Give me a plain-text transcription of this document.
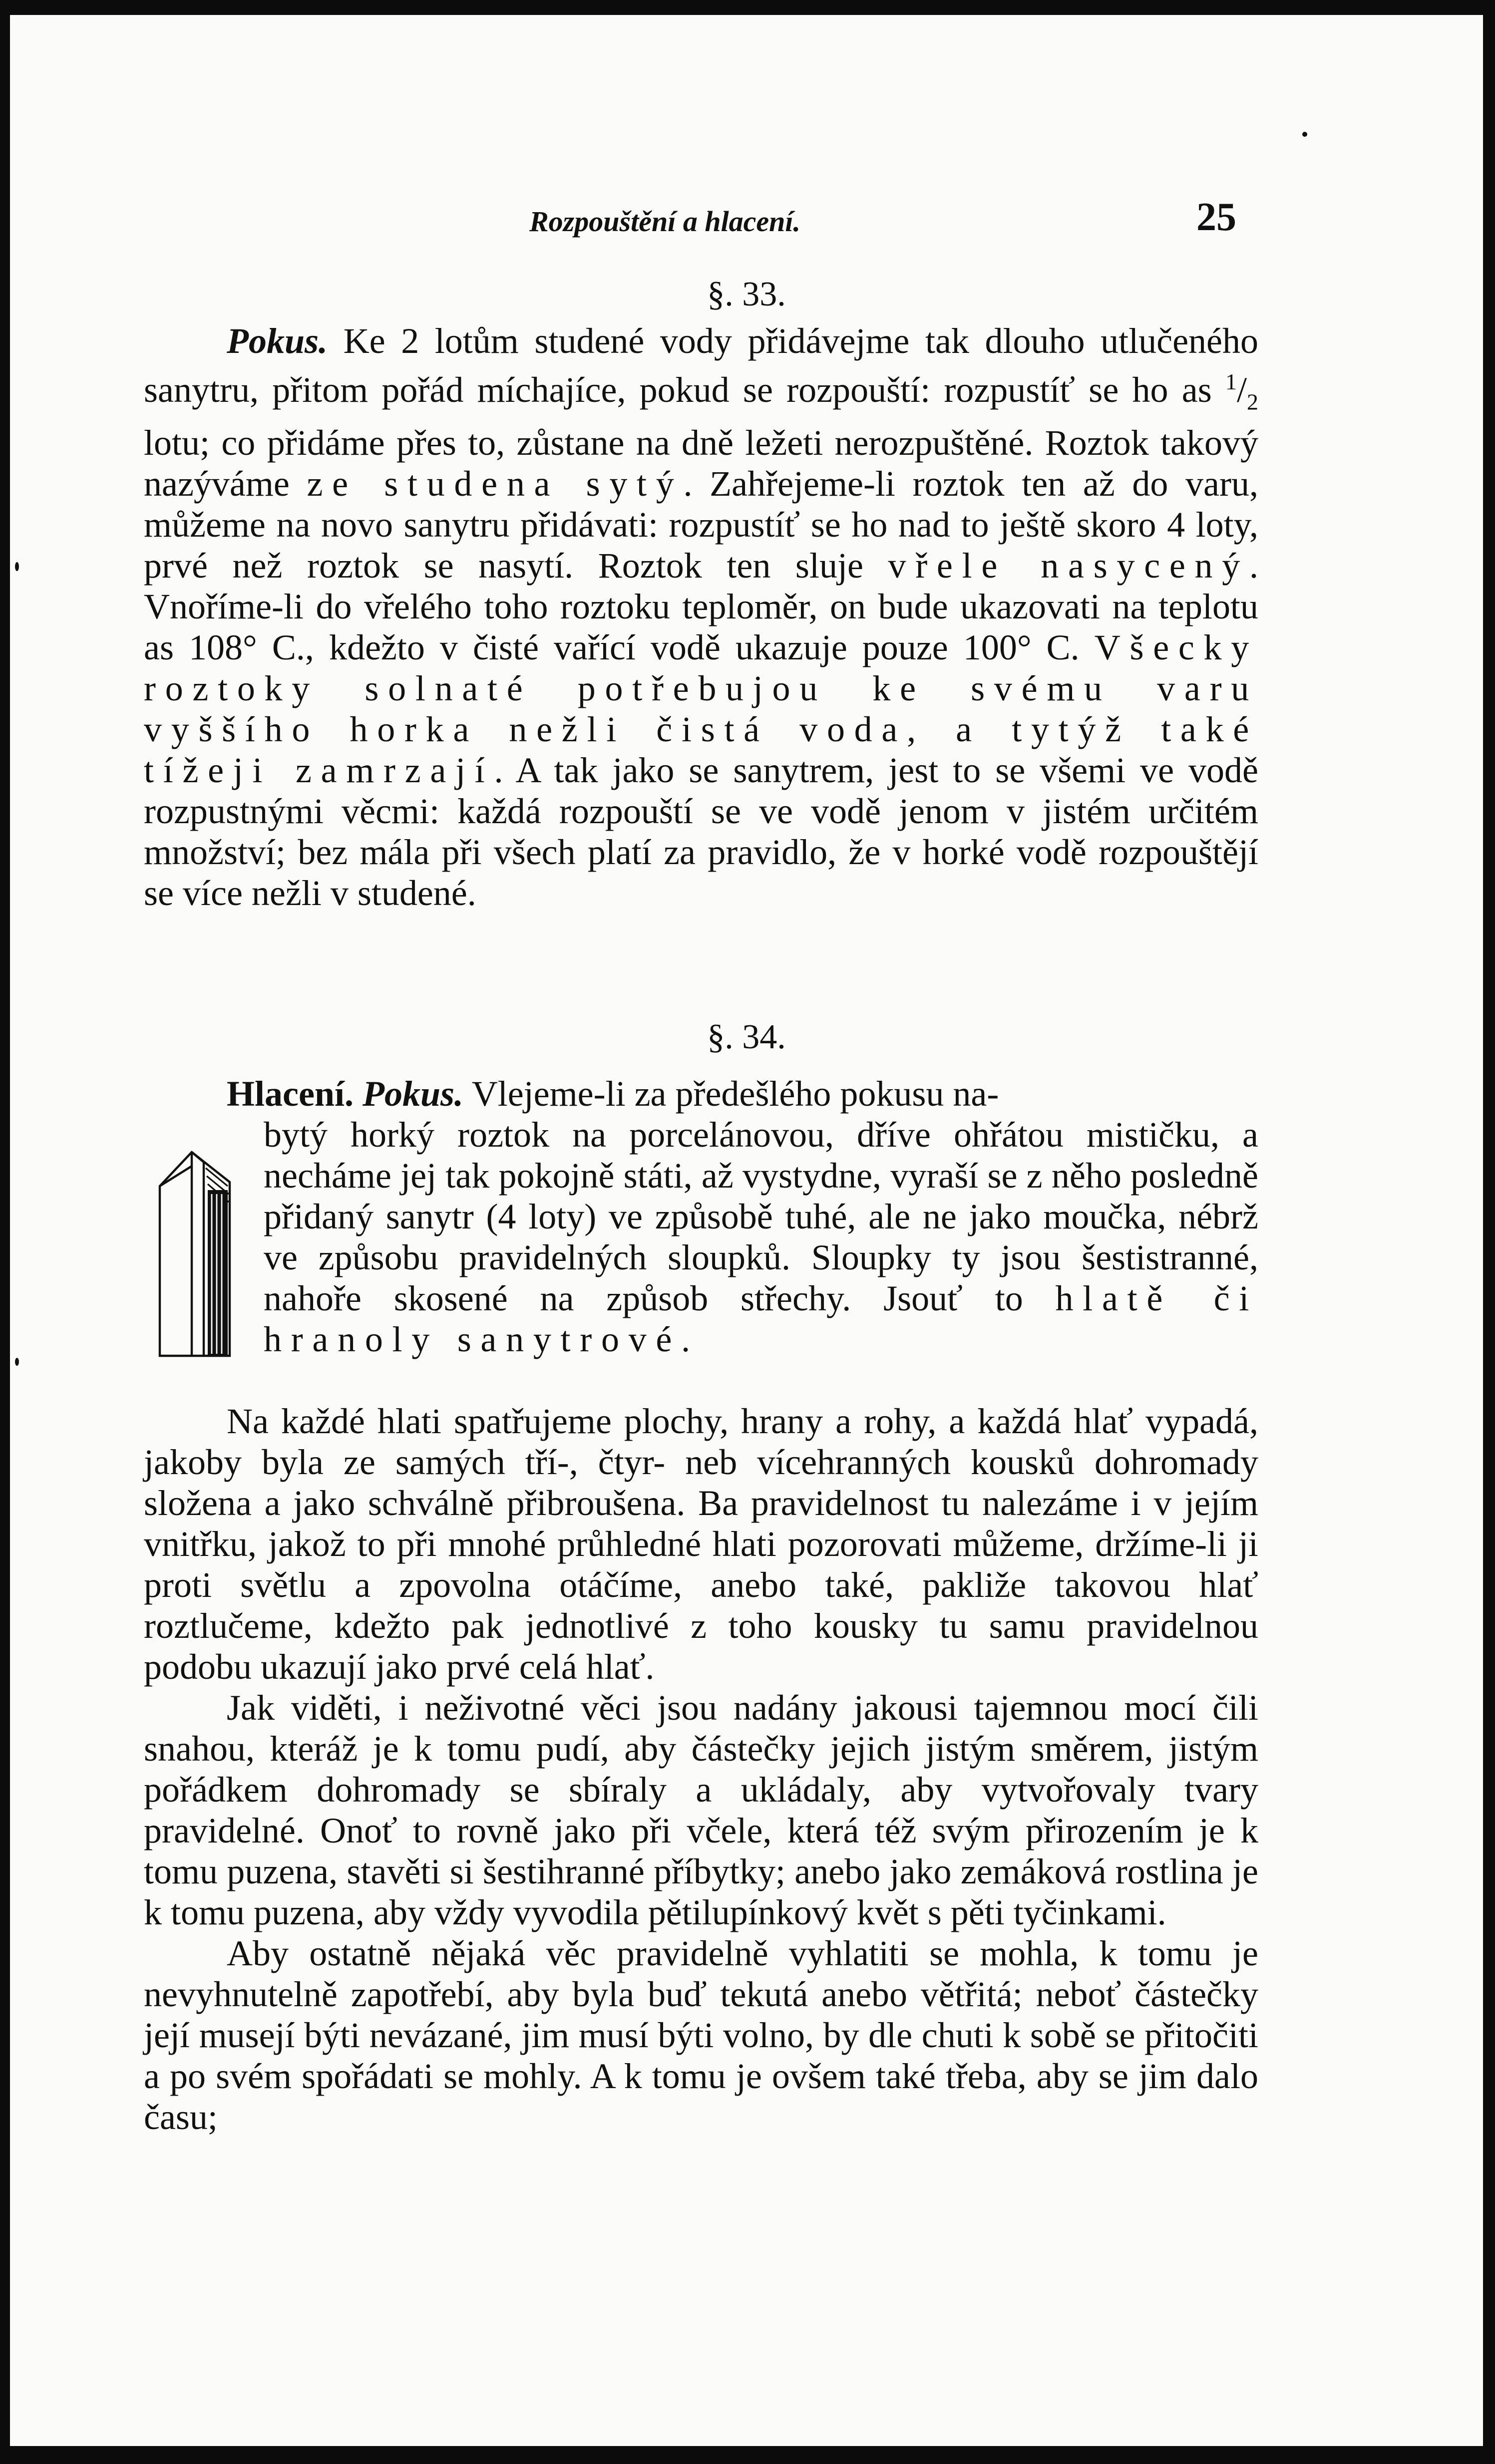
Rozpouštění a hlacení.	25
§. 33.

Pokus. Ke 2 lotům studené vody přidávejme tak dlouho utlučeného sanytru, přitom pořád míchajíce, pokud se rozpouští: rozpustíť se ho as $^1/_2$ lotu; co přidáme přes to, zůstane na dně ležeti nerozpuštěné. Roztok takový nazýváme ze studena sytý. Zahřejeme-li roztok ten až do varu, můžeme na novo sanytru přidávati: rozpustíť se ho nad to ještě skoro 4 loty, prvé než roztok se nasytí. Roztok ten sluje vřele nasycený. Vnoříme-li do vřelého toho roztoku teploměr, on bude ukazovati na teplotu as 108° C., kdežto v čisté vařící vodě ukazuje pouze 100° C. Všecky roztoky solnaté potřebujou ke svému varu vyššího horka nežli čistá voda, a tytýž také tížeji zamrzají. A tak jako se sanytrem, jest to se všemi ve vodě rozpustnými věcmi: každá rozpouští se ve vodě jenom v jistém určitém množství; bez mála při všech platí za pravidlo, že v horké vodě rozpouštějí se více nežli v studené.

§. 34.

Hlacení. Pokus. Vlejeme-li za předešlého pokusu na-

bytý horký roztok na porcelánovou, dříve ohřátou mističku, a necháme jej tak pokojně státi, až vystydne, vyraší se z něho posledně přidaný sanytr (4 loty) ve způsobě tuhé, ale ne jako moučka, nébrž ve způsobu pravidelných sloupků. Sloupky ty jsou šestistranné, nahoře skosené na způsob střechy. Jsouť to hlatě či hranoly sanytrové.

Na každé hlati spatřujeme plochy, hrany a rohy, a každá hlať vypadá, jakoby byla ze samých tří-, čtyr- neb vícehranných kousků dohromady složena a jako schválně přibroušena. Ba pravidelnost tu nalezáme i v jejím vnitřku, jakož to při mnohé průhledné hlati pozorovati můžeme, držíme-li ji proti světlu a zpovolna otáčíme, anebo také, pakliže takovou hlať roztlučeme, kdežto pak jednotlivé z toho kousky tu samu pravidelnou podobu ukazují jako prvé celá hlať.

Jak viděti, i neživotné věci jsou nadány jakousi tajemnou mocí čili snahou, kteráž je k tomu pudí, aby částečky jejich jistým směrem, jistým pořádkem dohromady se sbíraly a ukládaly, aby vytvořovaly tvary pravidelné. Onoť to rovně jako při včele, která též svým přirozením je k tomu puzena, stavěti si šestihranné příbytky; anebo jako zemáková rostlina je k tomu puzena, aby vždy vyvodila pětilupínkový květ s pěti tyčinkami.

Aby ostatně nějaká věc pravidelně vyhlatiti se mohla, k tomu je nevyhnutelně zapotřebí, aby byla buď tekutá anebo větřitá; neboť částečky její musejí býti nevázané, jim musí býti volno, by dle chuti k sobě se přitočiti a po svém spořádati se mohly. A k tomu je ovšem také třeba, aby se jim dalo času;
